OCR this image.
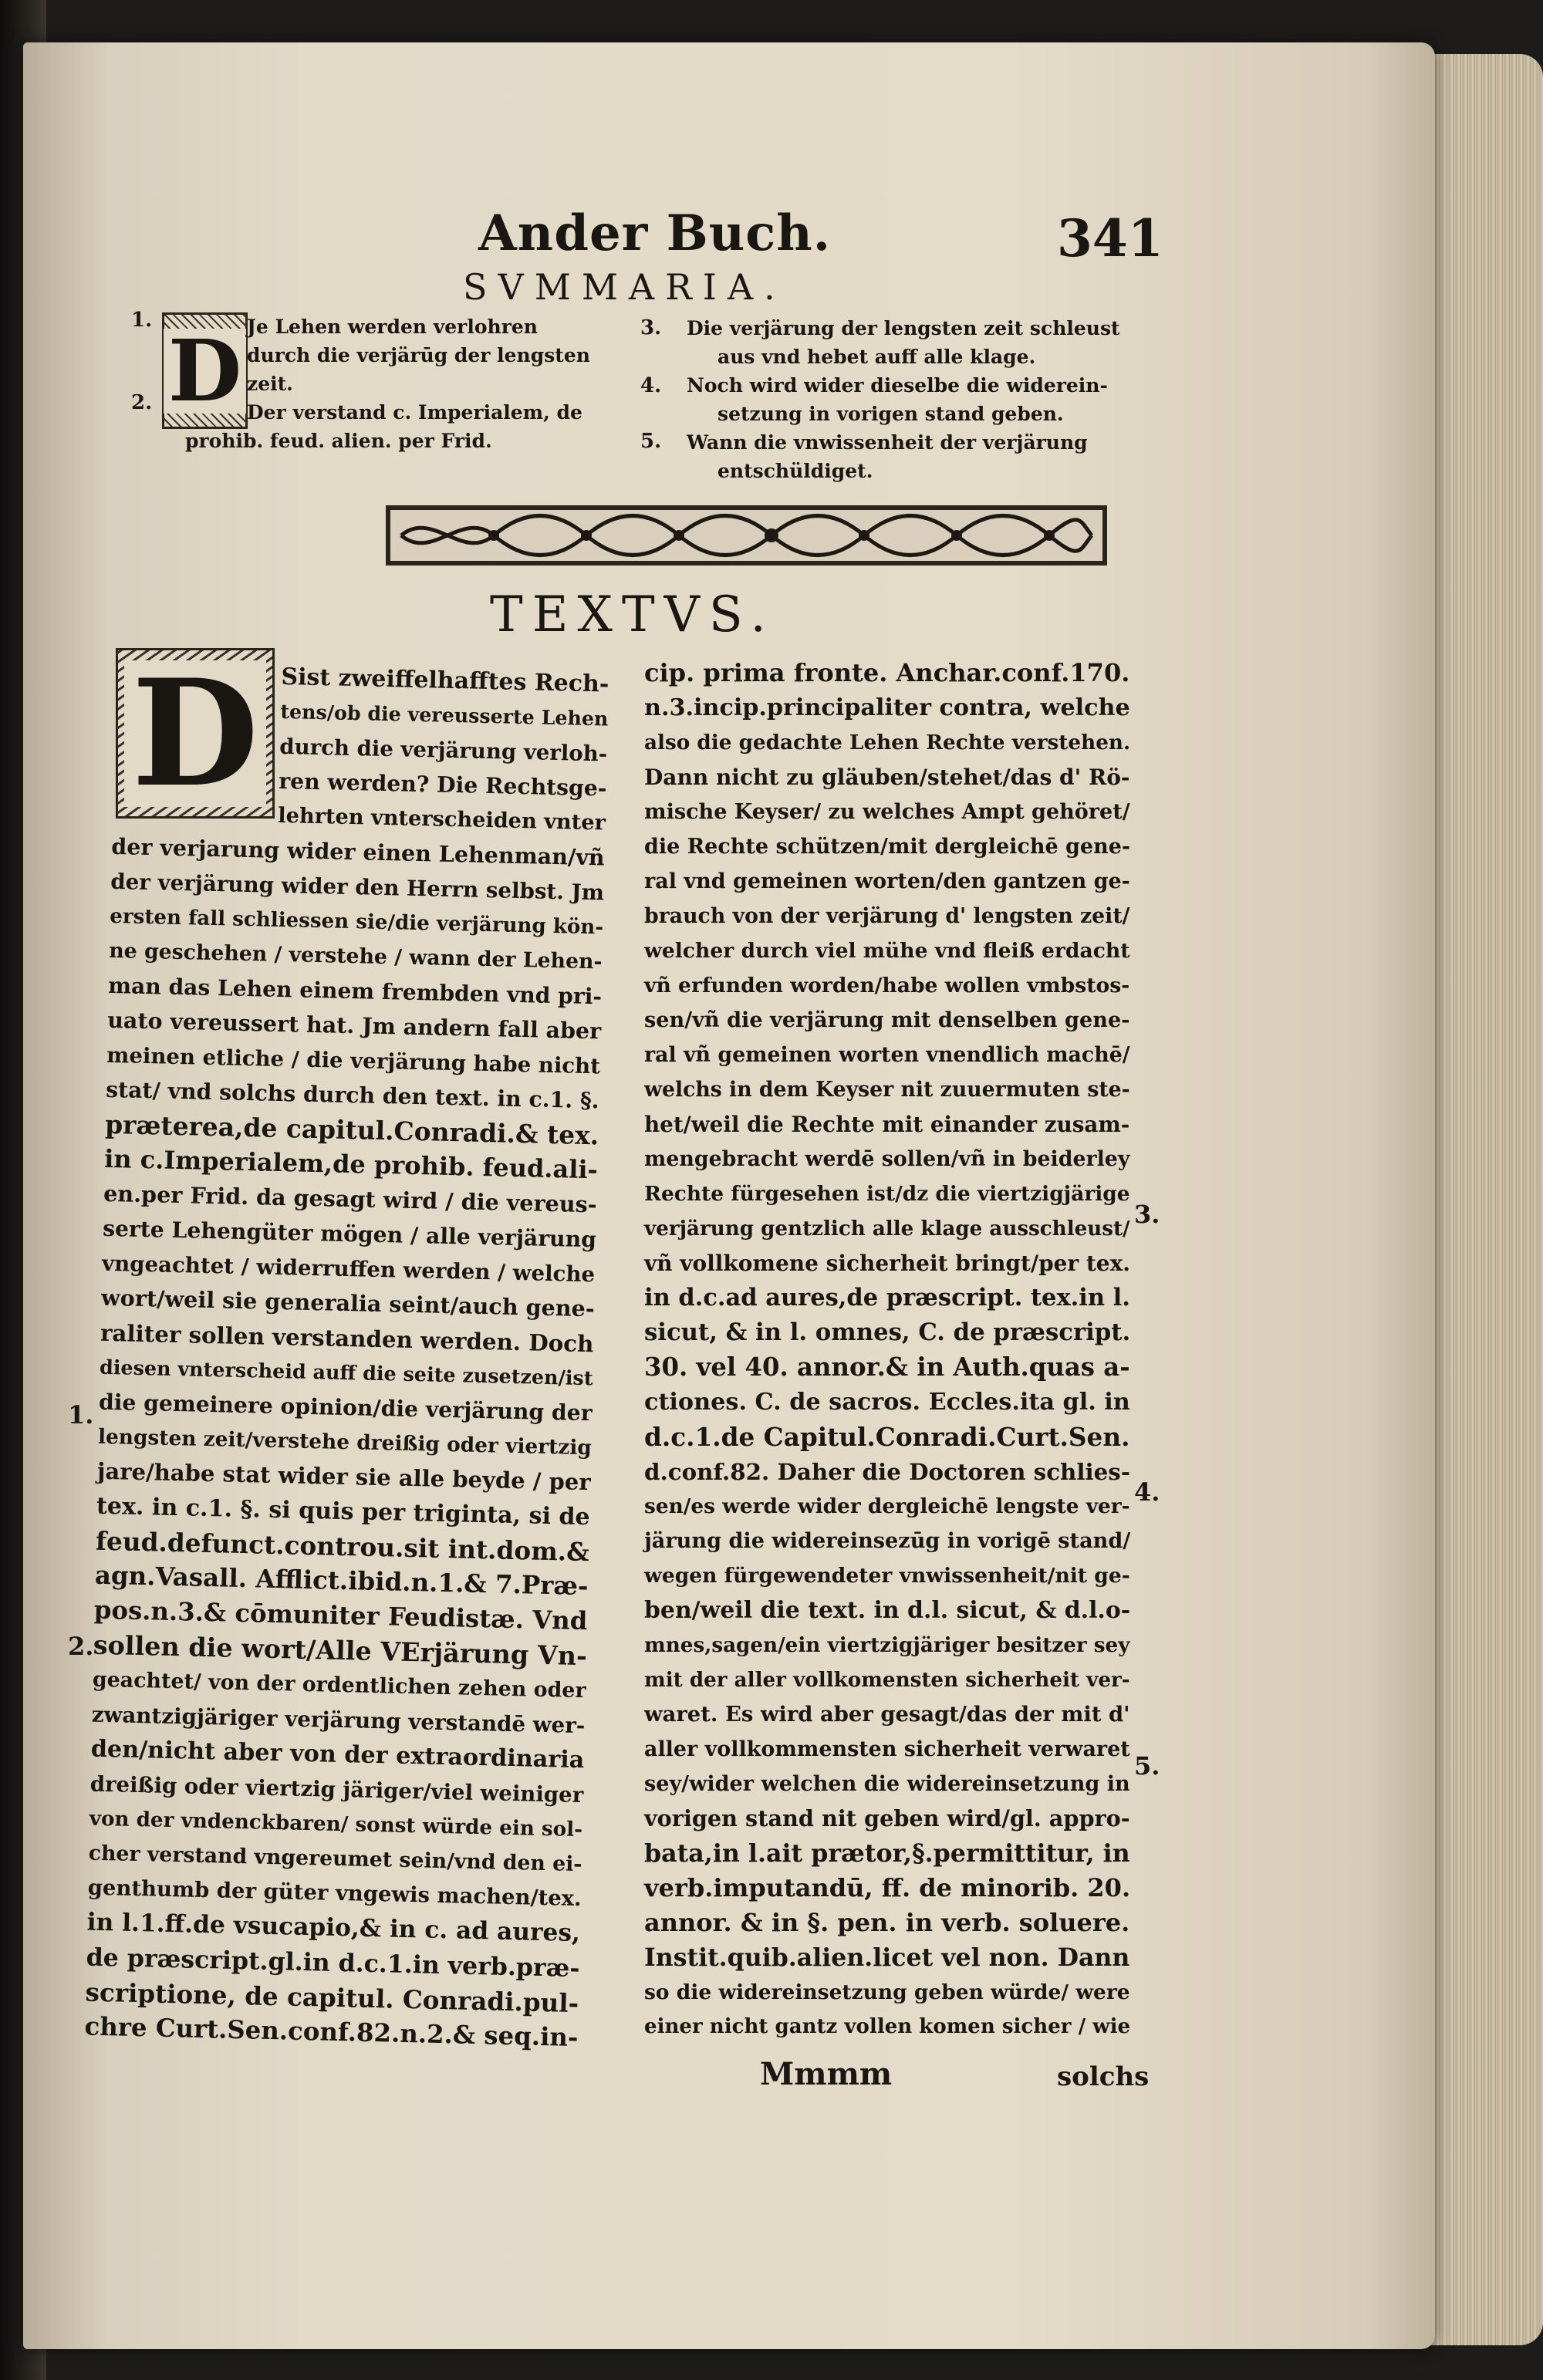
Ander Buch.	341
SVMMARIA.
D Je Lehen werden verlohren
durch die verjärūg der lengsten
zeit.
Der verstand c. Imperialem, de
prohib. feud. alien. per Frid.
1.
2.
3.
4.
5.
Die verjärung der lengsten zeit schleust
aus vnd hebet auff alle klage.
Noch wird wider dieselbe die widerein-
setzung in vorigen stand geben.
Wann die vnwissenheit der verjärung
entschüldiget.
TEXTVS.
D Sist zweiffelhafftes Rech-
tens/ob die vereusserte Lehen
durch die verjärung verloh-
ren werden? Die Rechtsge-
lehrten vnterscheiden vnter
der verjarung wider einen Lehenman/vñ
der verjärung wider den Herrn selbst. Jm
ersten fall schliessen sie/die verjärung kön-
ne geschehen / verstehe / wann der Lehen-
man das Lehen einem frembden vnd pri-
uato vereussert hat. Jm andern fall aber
meinen etliche / die verjärung habe nicht
stat/ vnd solchs durch den text. in c.1. §.
præterea,de capitul.Conradi.& tex.
in c.Imperialem,de prohib. feud.ali-
en.per Frid. da gesagt wird / die vereus-
serte Lehengüter mögen / alle verjärung
vngeachtet / widerruffen werden / welche
wort/weil sie generalia seint/auch gene-
raliter sollen verstanden werden. Doch
diesen vnterscheid auff die seite zusetzen/ist
die gemeinere opinion/die verjärung der
lengsten zeit/verstehe dreißig oder viertzig
jare/habe stat wider sie alle beyde / per
tex. in c.1. §. si quis per triginta, si de
feud.defunct.controu.sit int.dom.&
agn.Vasall. Afflict.ibid.n.1.& 7.Præ-
pos.n.3.& cōmuniter Feudistæ. Vnd
sollen die wort/Alle VErjärung Vn-
geachtet/ von der ordentlichen zehen oder
zwantzigjäriger verjärung verstandē wer-
den/nicht aber von der extraordinaria
dreißig oder viertzig järiger/viel weiniger
von der vndenckbaren/ sonst würde ein sol-
cher verstand vngereumet sein/vnd den ei-
genthumb der güter vngewis machen/tex.
in l.1.ff.de vsucapio,& in c. ad aures,
de præscript.gl.in d.c.1.in verb.præ-
scriptione, de capitul. Conradi.pul-
chre Curt.Sen.conf.82.n.2.& seq.in-
cip. prima fronte. Anchar.conf.170.
n.3.incip.principaliter contra, welche
also die gedachte Lehen Rechte verstehen.
Dann nicht zu gläuben/stehet/das d' Rö-
mische Keyser/ zu welches Ampt gehöret/
die Rechte schützen/mit dergleichē gene-
ral vnd gemeinen worten/den gantzen ge-
brauch von der verjärung d' lengsten zeit/
welcher durch viel mühe vnd fleiß erdacht
vñ erfunden worden/habe wollen vmbstos-
sen/vñ die verjärung mit denselben gene-
ral vñ gemeinen worten vnendlich machē/
welchs in dem Keyser nit zuuermuten ste-
het/weil die Rechte mit einander zusam-
mengebracht werdē sollen/vñ in beiderley
Rechte fürgesehen ist/dz die viertzigjärige
verjärung gentzlich alle klage ausschleust/
vñ vollkomene sicherheit bringt/per tex.
in d.c.ad aures,de præscript. tex.in l.
sicut, & in l. omnes, C. de præscript.
30. vel 40. annor.& in Auth.quas a-
ctiones. C. de sacros. Eccles.ita gl. in
d.c.1.de Capitul.Conradi.Curt.Sen.
d.conf.82. Daher die Doctoren schlies-
sen/es werde wider dergleichē lengste ver-
järung die widereinsezūg in vorigē stand/
wegen fürgewendeter vnwissenheit/nit ge-
ben/weil die text. in d.l. sicut, & d.l.o-
mnes,sagen/ein viertzigjäriger besitzer sey
mit der aller vollkomensten sicherheit ver-
waret. Es wird aber gesagt/das der mit d'
aller vollkommensten sicherheit verwaret
sey/wider welchen die widereinsetzung in
vorigen stand nit geben wird/gl. appro-
bata,in l.ait prætor,§.permittitur, in
verb.imputandū, ff. de minorib. 20.
annor. & in §. pen. in verb. soluere.
Instit.quib.alien.licet vel non. Dann
so die widereinsetzung geben würde/ were
einer nicht gantz vollen komen sicher / wie
1.
2.
3.
4.
5.
Mmmm	solchs
